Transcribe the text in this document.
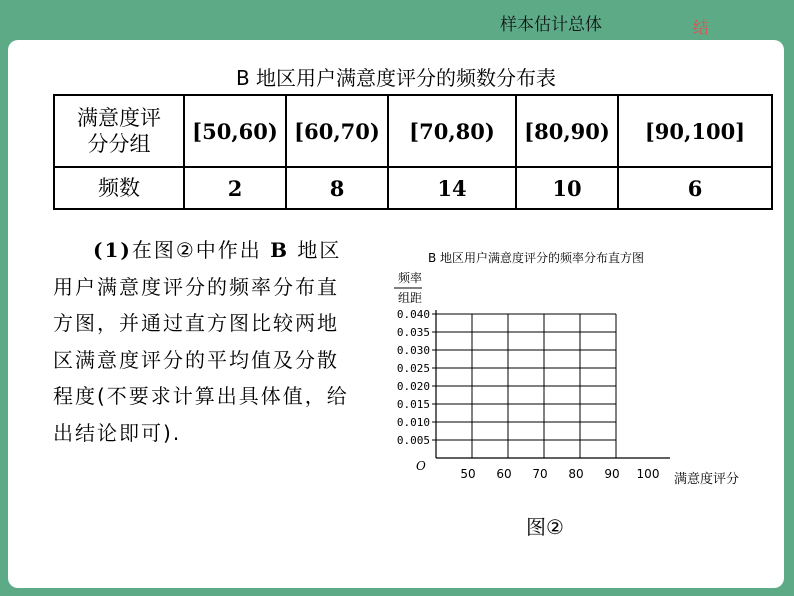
样本估计总体	结
B 地区用户满意度评分的频数分布表
满意度评
分分组	[50,60)	[60,70)	[70,80)	[80,90)	[90,100]
频数	2	8	14	10	6
(1)在图②中作出 B 地区用户满意度评分的频率分布直方图，并通过直方图比较两地区满意度评分的平均值及分散程度(不要求计算出具体值，给出结论即可).
B 地区用户满意度评分的频率分布直方图
频率
组距
0.040
0.035
0.030
0.025
0.020
0.015
0.010
0.005
50 60 70 80 90 100
O
满意度评分
图②
